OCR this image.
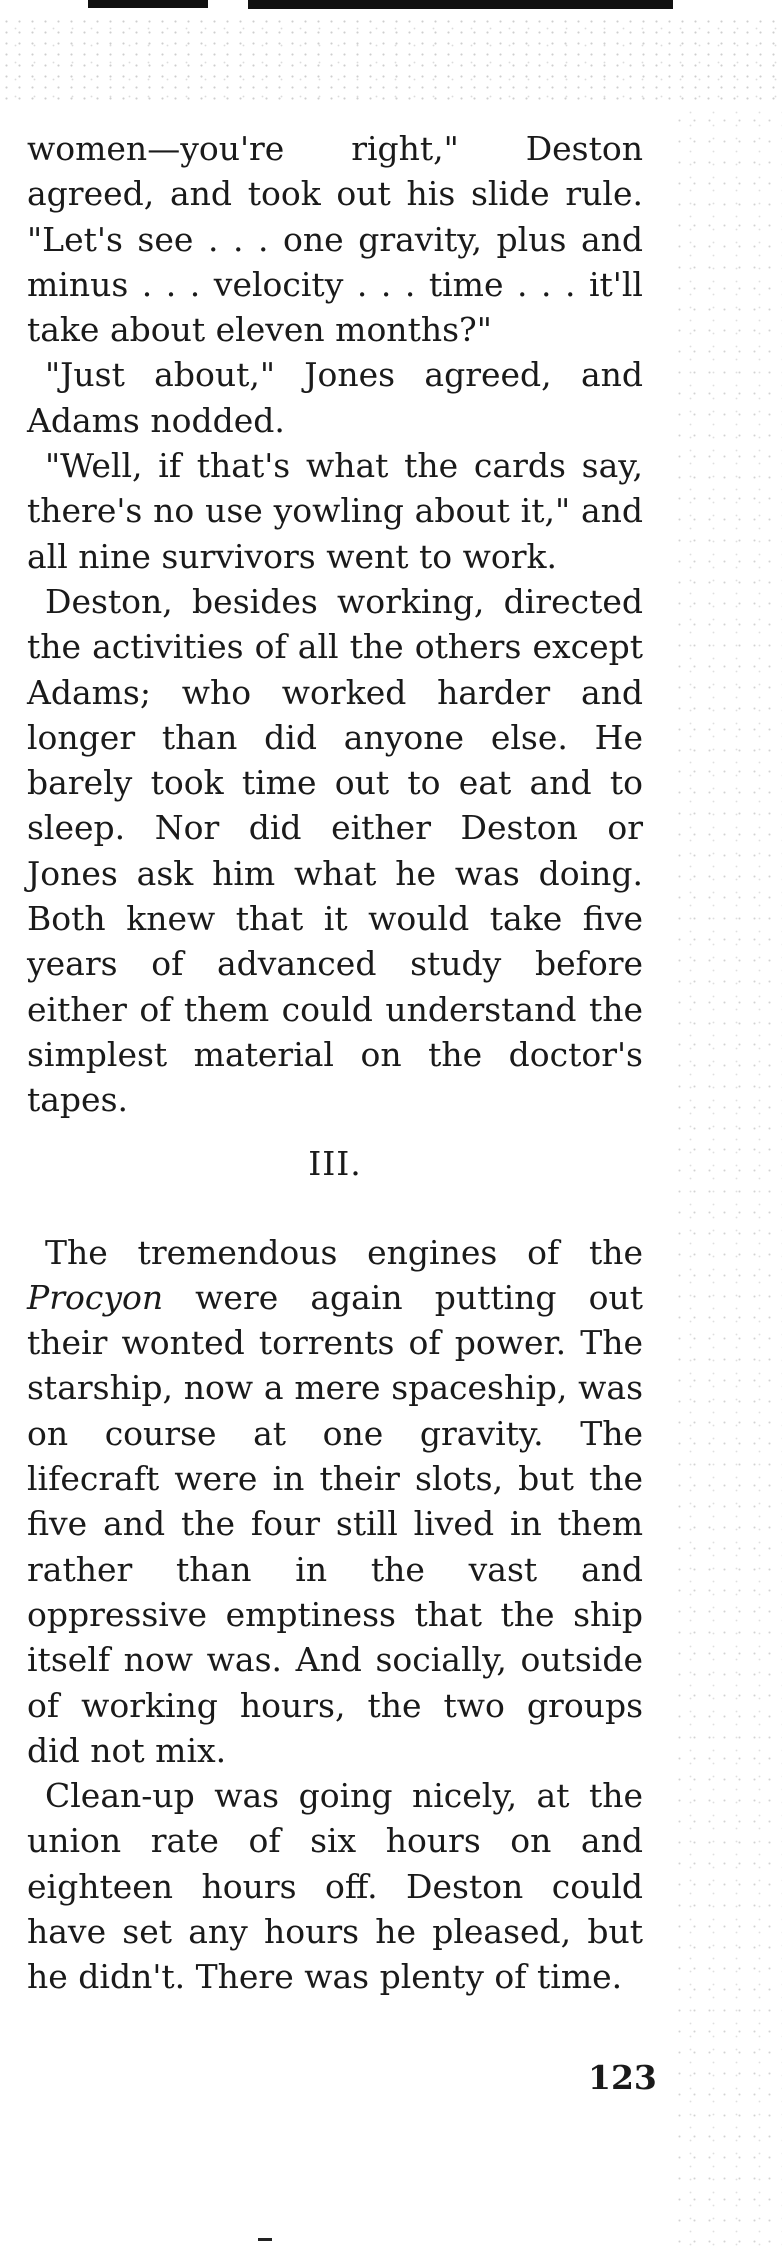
women—you're right," Deston agreed, and took out his slide rule. "Let's see . . . one gravity, plus and minus . . . velocity . . . time . . . it'll take about eleven months?"

"Just about," Jones agreed, and Adams nodded.

"Well, if that's what the cards say, there's no use yowling about it," and all nine survivors went to work.

Deston, besides working, directed the activities of all the others except Adams; who worked harder and longer than did anyone else. He barely took time out to eat and to sleep. Nor did either Deston or Jones ask him what he was doing. Both knew that it would take five years of advanced study before either of them could understand the simplest material on the doctor's tapes.

III.

The tremendous engines of the Procyon were again putting out their wonted torrents of power. The starship, now a mere spaceship, was on course at one gravity. The lifecraft were in their slots, but the five and the four still lived in them rather than in the vast and oppressive emptiness that the ship itself now was. And socially, outside of working hours, the two groups did not mix.

Clean-up was going nicely, at the union rate of six hours on and eighteen hours off. Deston could have set any hours he pleased, but he didn't. There was plenty of time.

123
